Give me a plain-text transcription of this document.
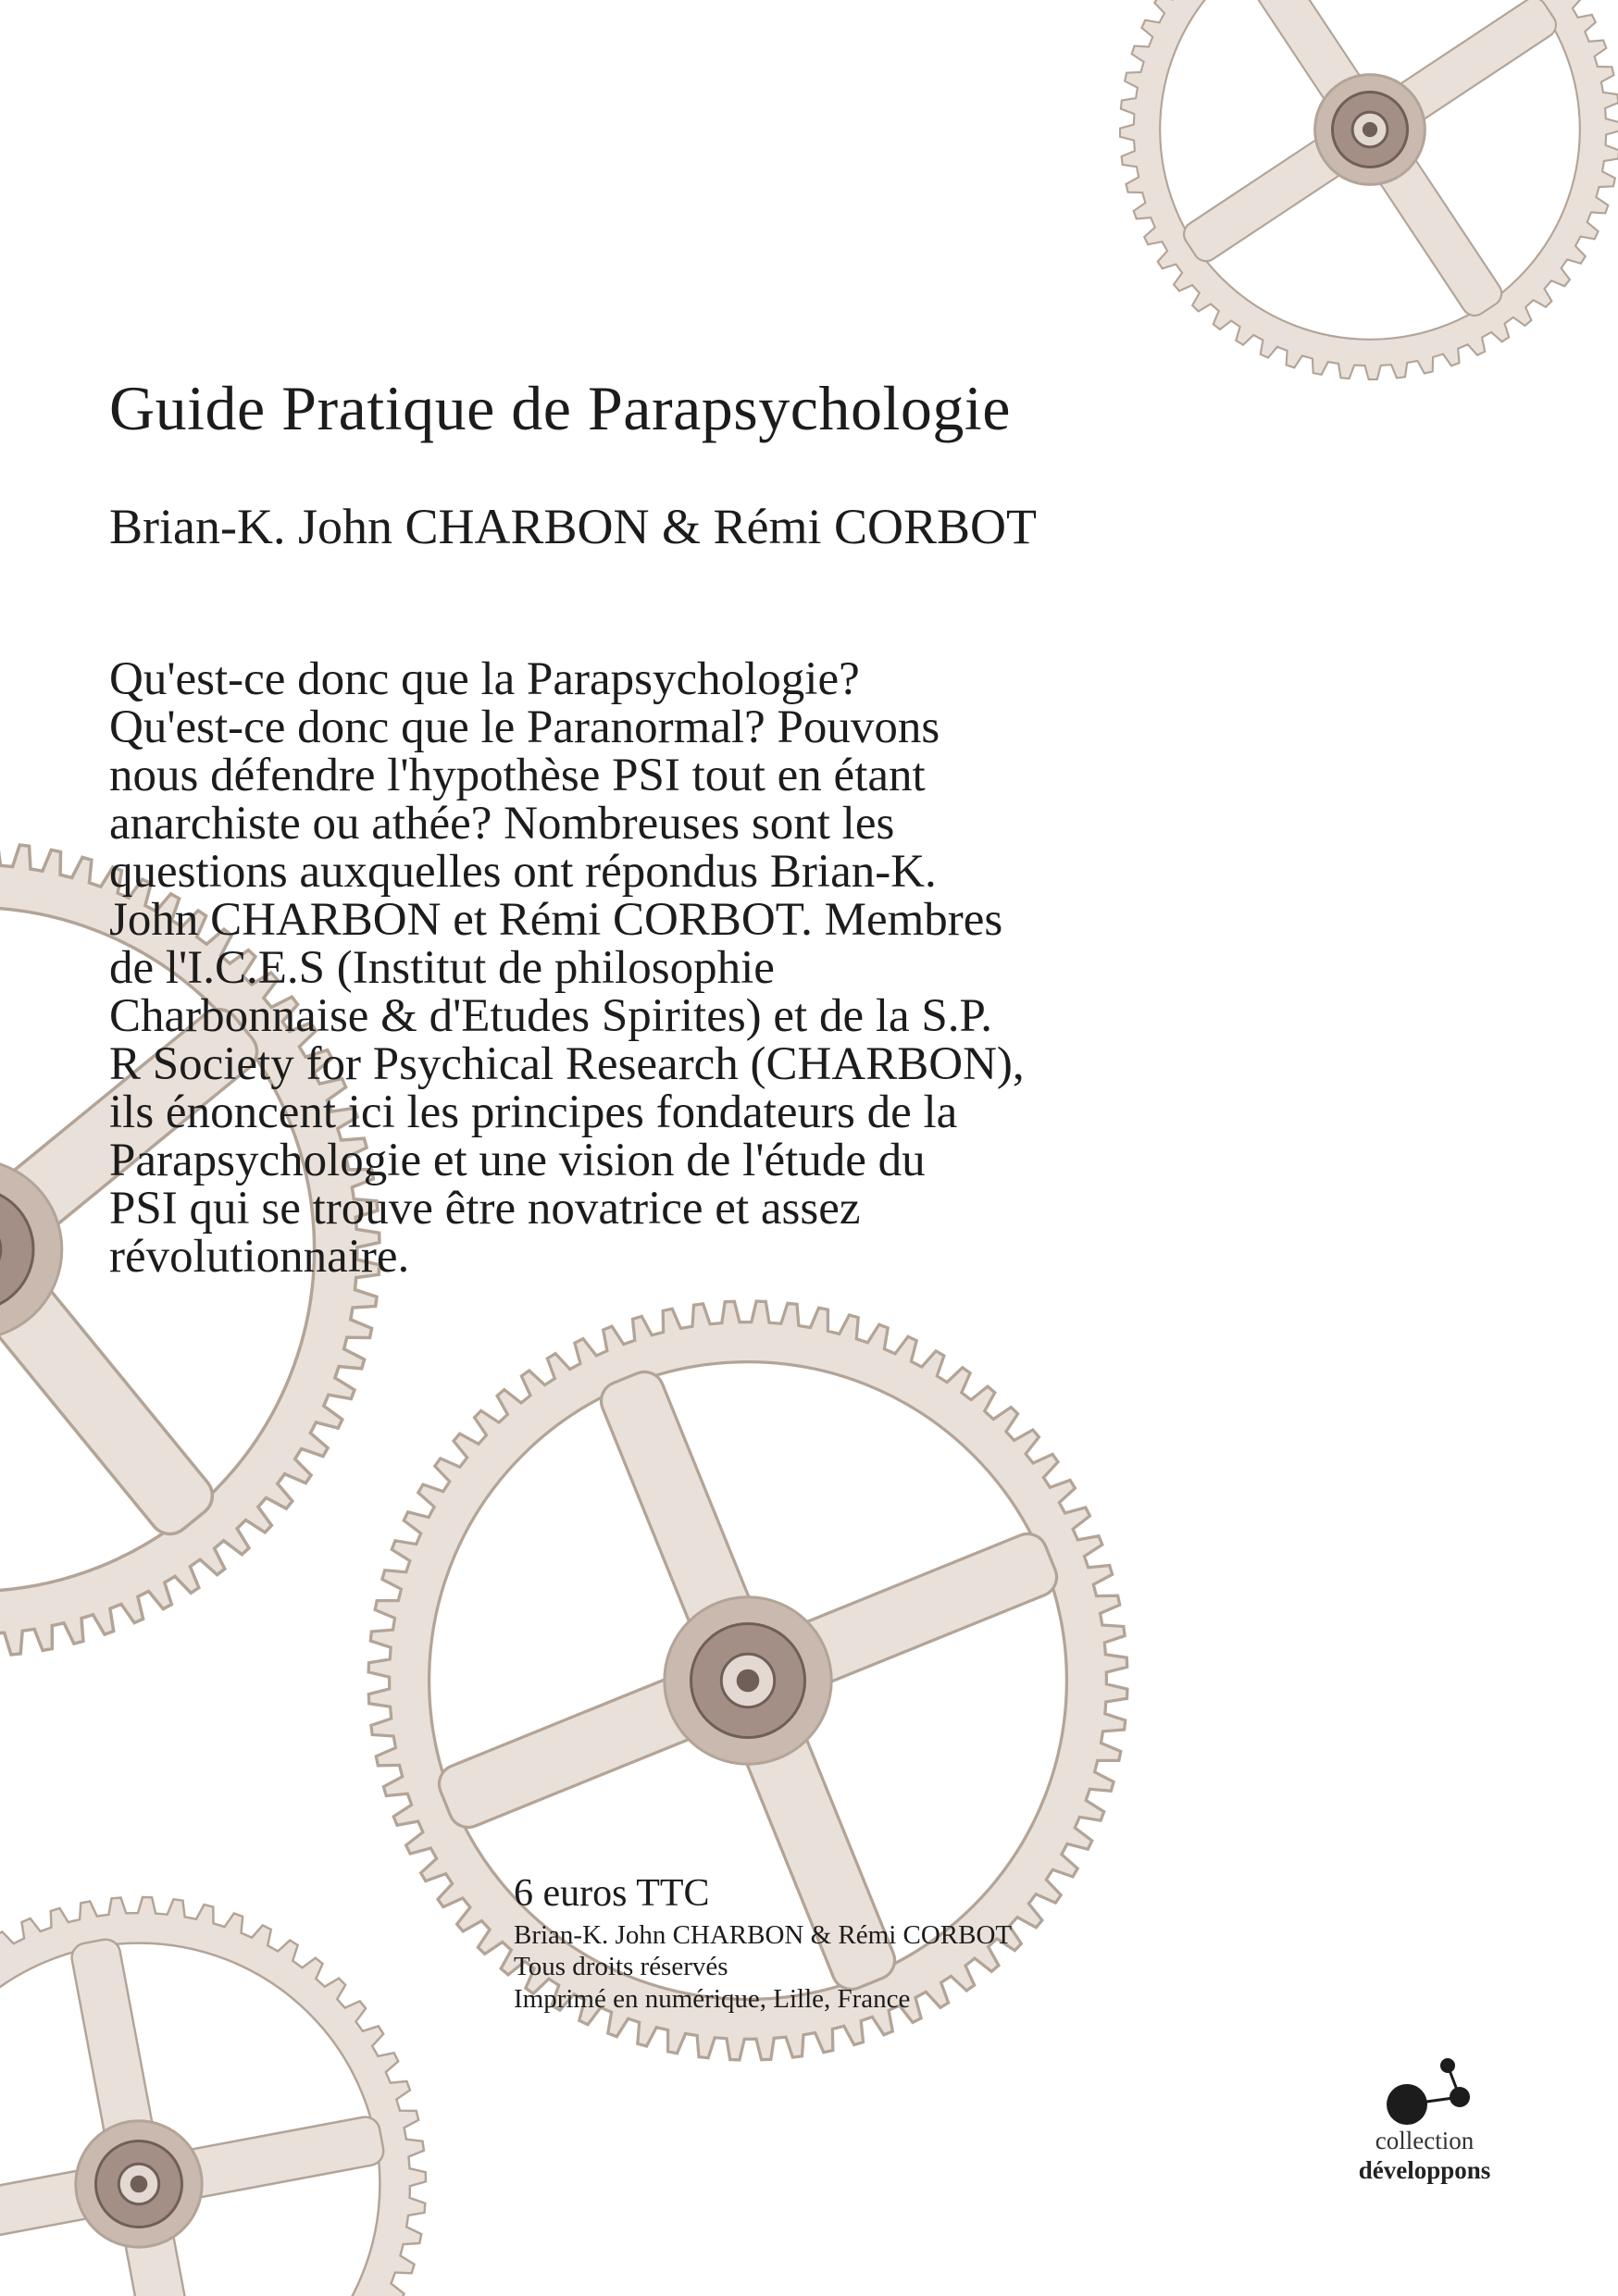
Guide Pratique de Parapsychologie
Brian-K. John CHARBON & Rémi CORBOT

Qu'est-ce donc que la Parapsychologie?
Qu'est-ce donc que le Paranormal? Pouvons
nous défendre l'hypothèse PSI tout en étant
anarchiste ou athée? Nombreuses sont les
questions auxquelles ont répondus Brian-K.
John CHARBON et Rémi CORBOT. Membres
de l'I.C.E.S (Institut de philosophie
Charbonnaise & d'Etudes Spirites) et de la S.P.
R Society for Psychical Research (CHARBON),
ils énoncent ici les principes fondateurs de la
Parapsychologie et une vision de l'étude du
PSI qui se trouve être novatrice et assez
révolutionnaire.

6 euros TTC
Brian-K. John CHARBON & Rémi CORBOT
Tous droits réservés
Imprimé en numérique, Lille, France
collection
développons
